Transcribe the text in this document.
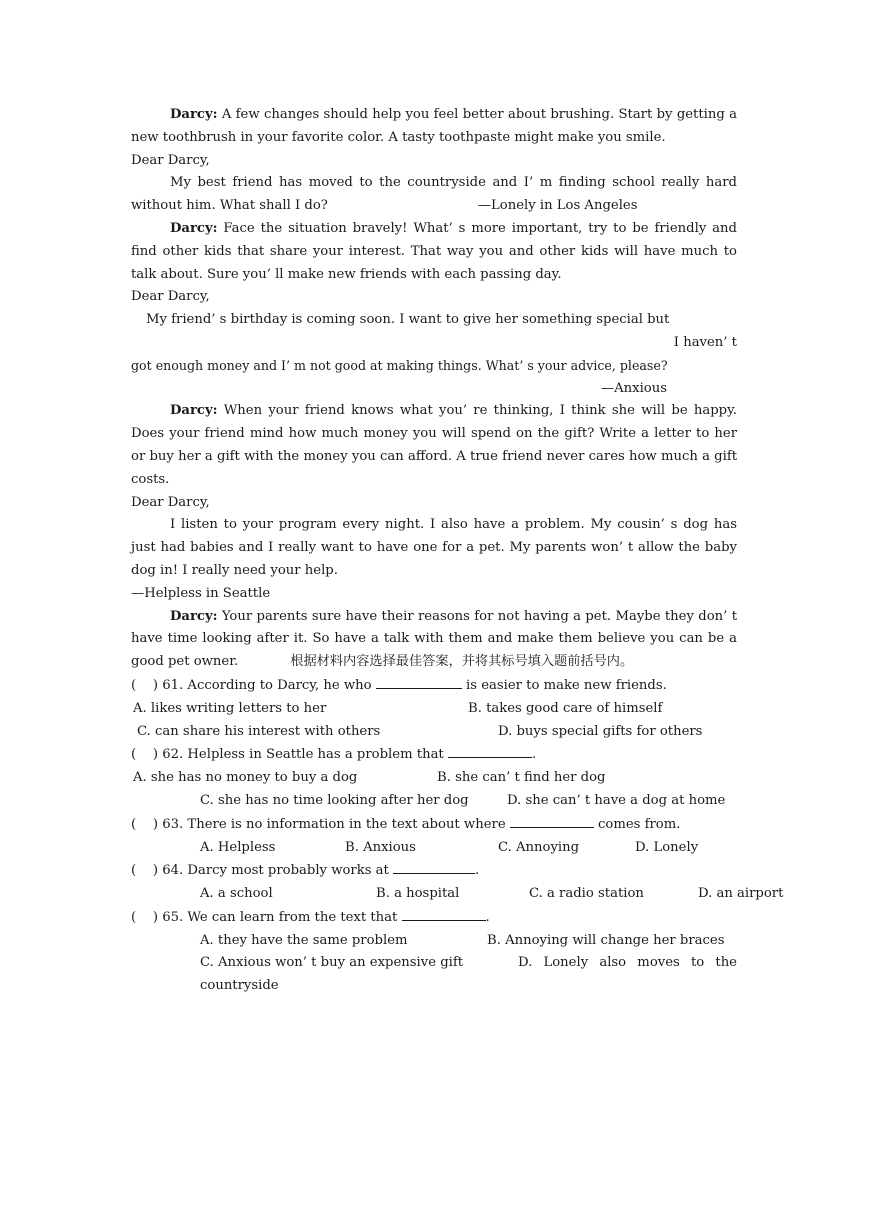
Darcy: A few changes should help you feel better about brushing. Start by getting a new toothbrush in your favorite color. A tasty toothpaste might make you smile.

Dear Darcy,

My best friend has moved to the countryside and I’ m finding school really hard without him. What shall I do?	—Lonely in Los Angeles

Darcy: Face the situation bravely! What’ s more important, try to be friendly and find other kids that share your interest. That way you and other kids will have much to talk about. Sure you’ ll make new friends with each passing day.

Dear Darcy,

My friend’ s birthday is coming soon. I want to give her something special but

I haven’ t

got enough money and I’ m not good at making things. What’ s your advice, please?

—Anxious

Darcy: When your friend knows what you’ re thinking, I think she will be happy. Does your friend mind how much money you will spend on the gift? Write a letter to her or buy her a gift with the money you can afford. A true friend never cares how much a gift costs.

Dear Darcy,

I listen to your program every night. I also have a problem. My cousin’ s dog has just had babies and I really want to have one for a pet. My parents won’ t allow the baby dog in! I really need your help.

—Helpless in Seattle

Darcy: Your parents sure have their reasons for not having a pet. Maybe they don’ t have time looking after it. So have a talk with them and make them believe you can be a good pet owner.	根据材料内容选择最佳答案，并将其标号填入题前括号内。

(    ) 61. According to Darcy, he who	is easier to make new friends.

A. likes writing letters to her	B. takes good care of himself

C. can share his interest with others	D. buys special gifts for others

(    ) 62. Helpless in Seattle has a problem that	.

A. she has no money to buy a dog	B. she can’ t find her dog

C. she has no time looking after her dog	D. she can’ t have a dog at home

(    ) 63. There is no information in the text about where	comes from.

A. Helpless	B. Anxious	C. Annoying	D. Lonely

(    ) 64. Darcy most probably works at	.

A. a school	B. a hospital	C. a radio station	D. an airport

(    ) 65. We can learn from the text that	.

A. they have the same problem	B. Annoying will change her braces

C. Anxious won’ t buy an expensive gift	D. Lonely also moves to the countryside
